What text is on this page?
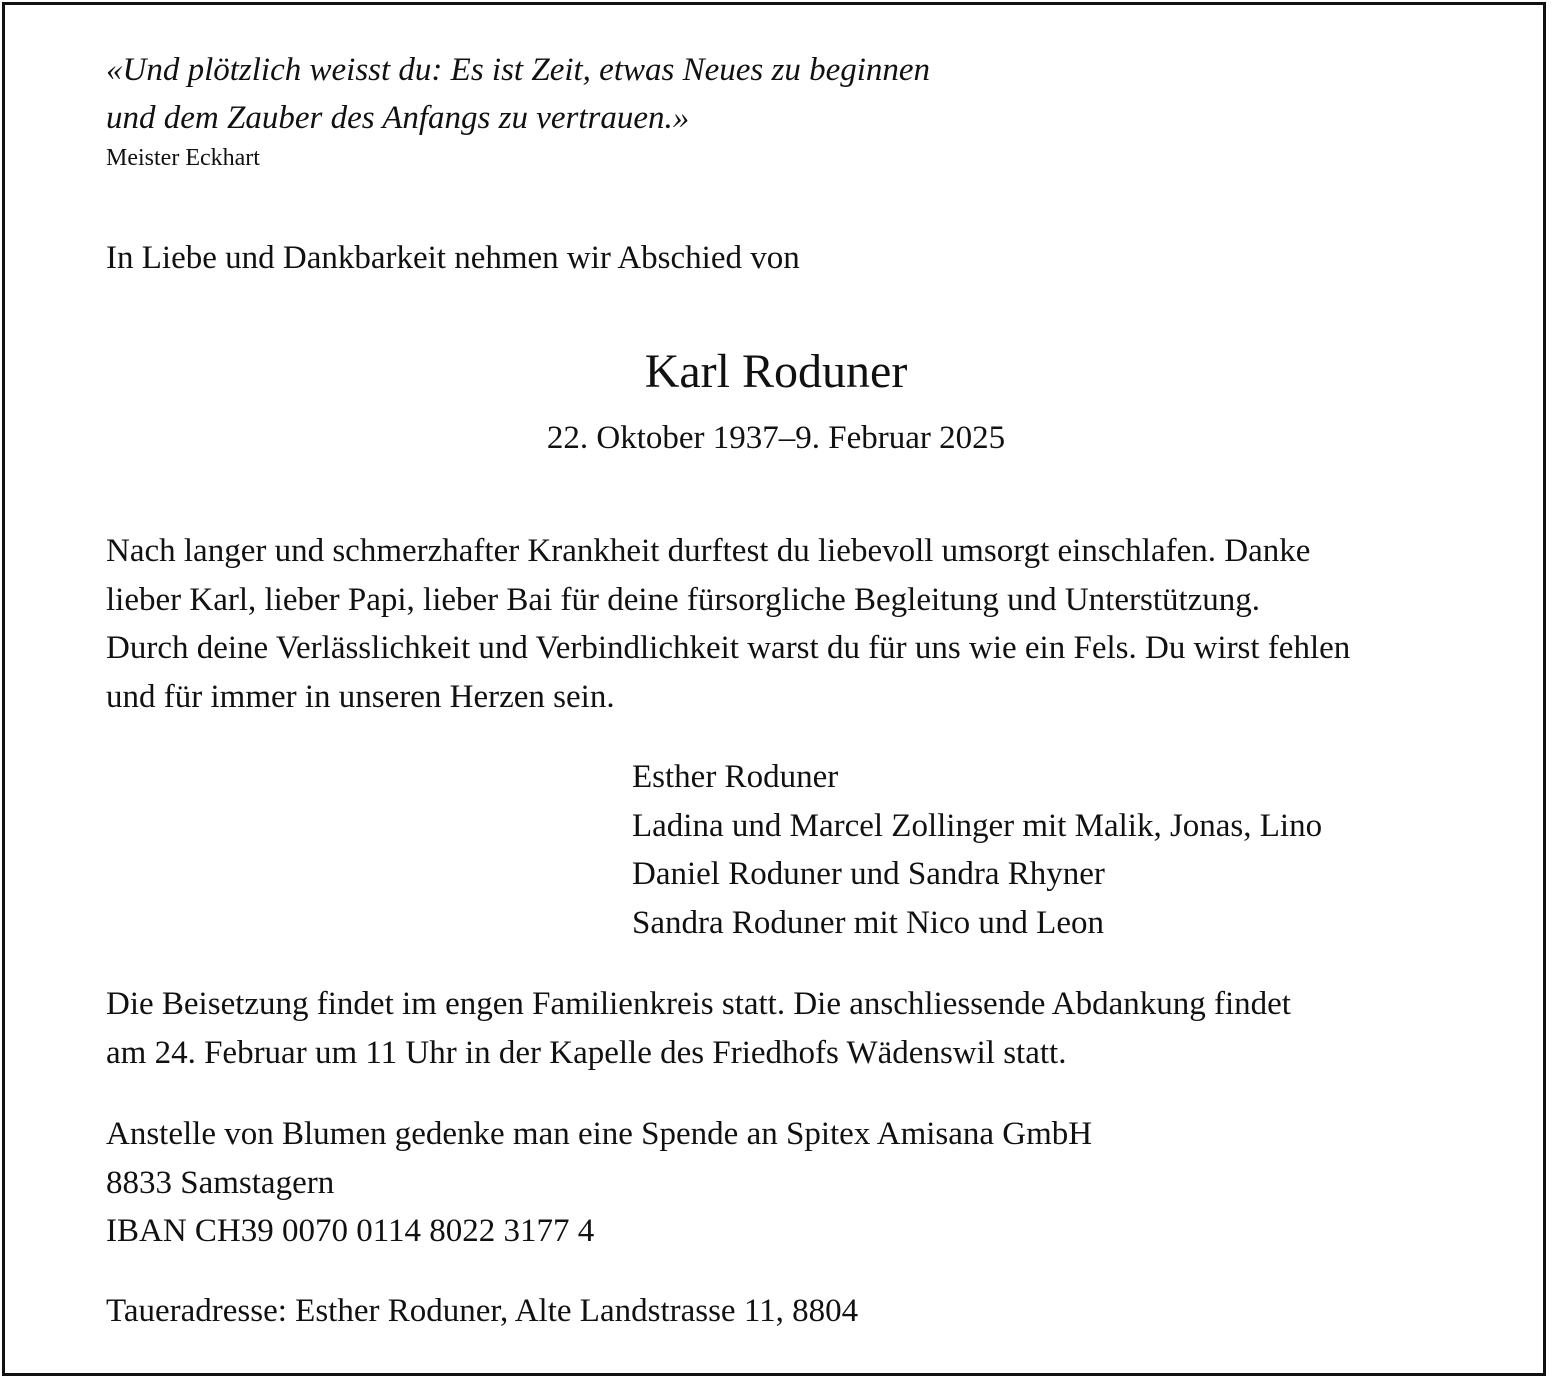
«Und plötzlich weisst du: Es ist Zeit, etwas Neues zu beginnen
und dem Zauber des Anfangs zu vertrauen.»
Meister Eckhart
In Liebe und Dankbarkeit nehmen wir Abschied von
Karl Roduner
22. Oktober 1937–9. Februar 2025
Nach langer und schmerzhafter Krankheit durftest du liebevoll umsorgt einschlafen. Danke
lieber Karl, lieber Papi, lieber Bai für deine fürsorgliche Begleitung und Unterstützung.
Durch deine Verlässlichkeit und Verbindlichkeit warst du für uns wie ein Fels. Du wirst fehlen
und für immer in unseren Herzen sein.
Esther Roduner
Ladina und Marcel Zollinger mit Malik, Jonas, Lino
Daniel Roduner und Sandra Rhyner
Sandra Roduner mit Nico und Leon
Die Beisetzung findet im engen Familienkreis statt. Die anschliessende Abdankung findet
am 24. Februar um 11 Uhr in der Kapelle des Friedhofs Wädenswil statt.
Anstelle von Blumen gedenke man eine Spende an Spitex Amisana GmbH
8833 Samstagern
IBAN CH39 0070 0114 8022 3177 4
Taueradresse: Esther Roduner, Alte Landstrasse 11, 8804
